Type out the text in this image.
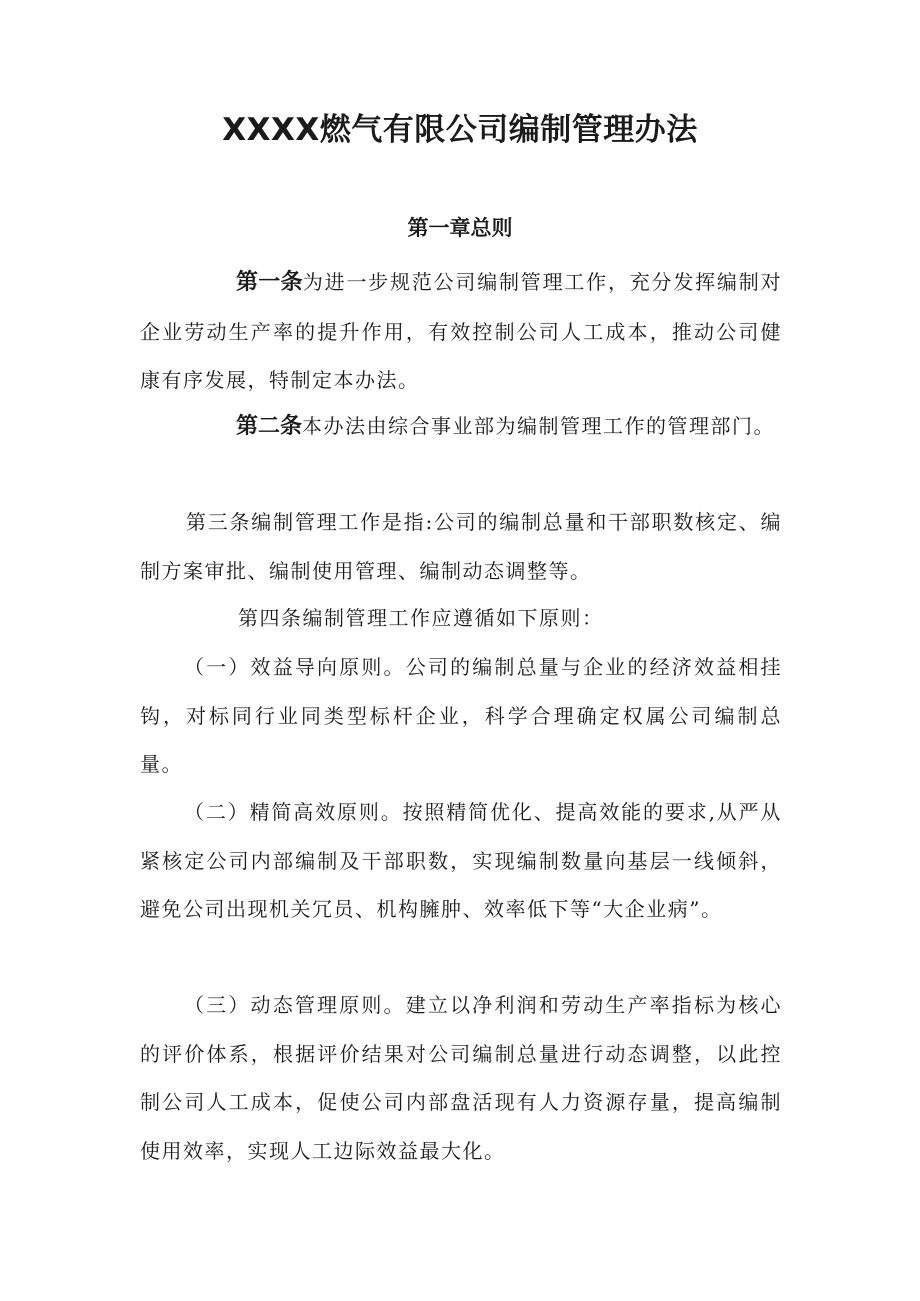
XXXX燃气有限公司编制管理办法
第一章总则

第一条为进一步规范公司编制管理工作，充分发挥编制对企业劳动生产率的提升作用，有效控制公司人工成本，推动公司健康有序发展，特制定本办法。

第二条本办法由综合事业部为编制管理工作的管理部门。

第三条编制管理工作是指:公司的编制总量和干部职数核定、编制方案审批、编制使用管理、编制动态调整等。

第四条编制管理工作应遵循如下原则：

（一）效益导向原则。公司的编制总量与企业的经济效益相挂钩，对标同行业同类型标杆企业，科学合理确定权属公司编制总量。

（二）精简高效原则。按照精简优化、提高效能的要求,从严从紧核定公司内部编制及干部职数，实现编制数量向基层一线倾斜，避免公司出现机关冗员、机构臃肿、效率低下等“大企业病”。

（三）动态管理原则。建立以净利润和劳动生产率指标为核心的评价体系，根据评价结果对公司编制总量进行动态调整，以此控制公司人工成本，促使公司内部盘活现有人力资源存量，提高编制使用效率，实现人工边际效益最大化。
